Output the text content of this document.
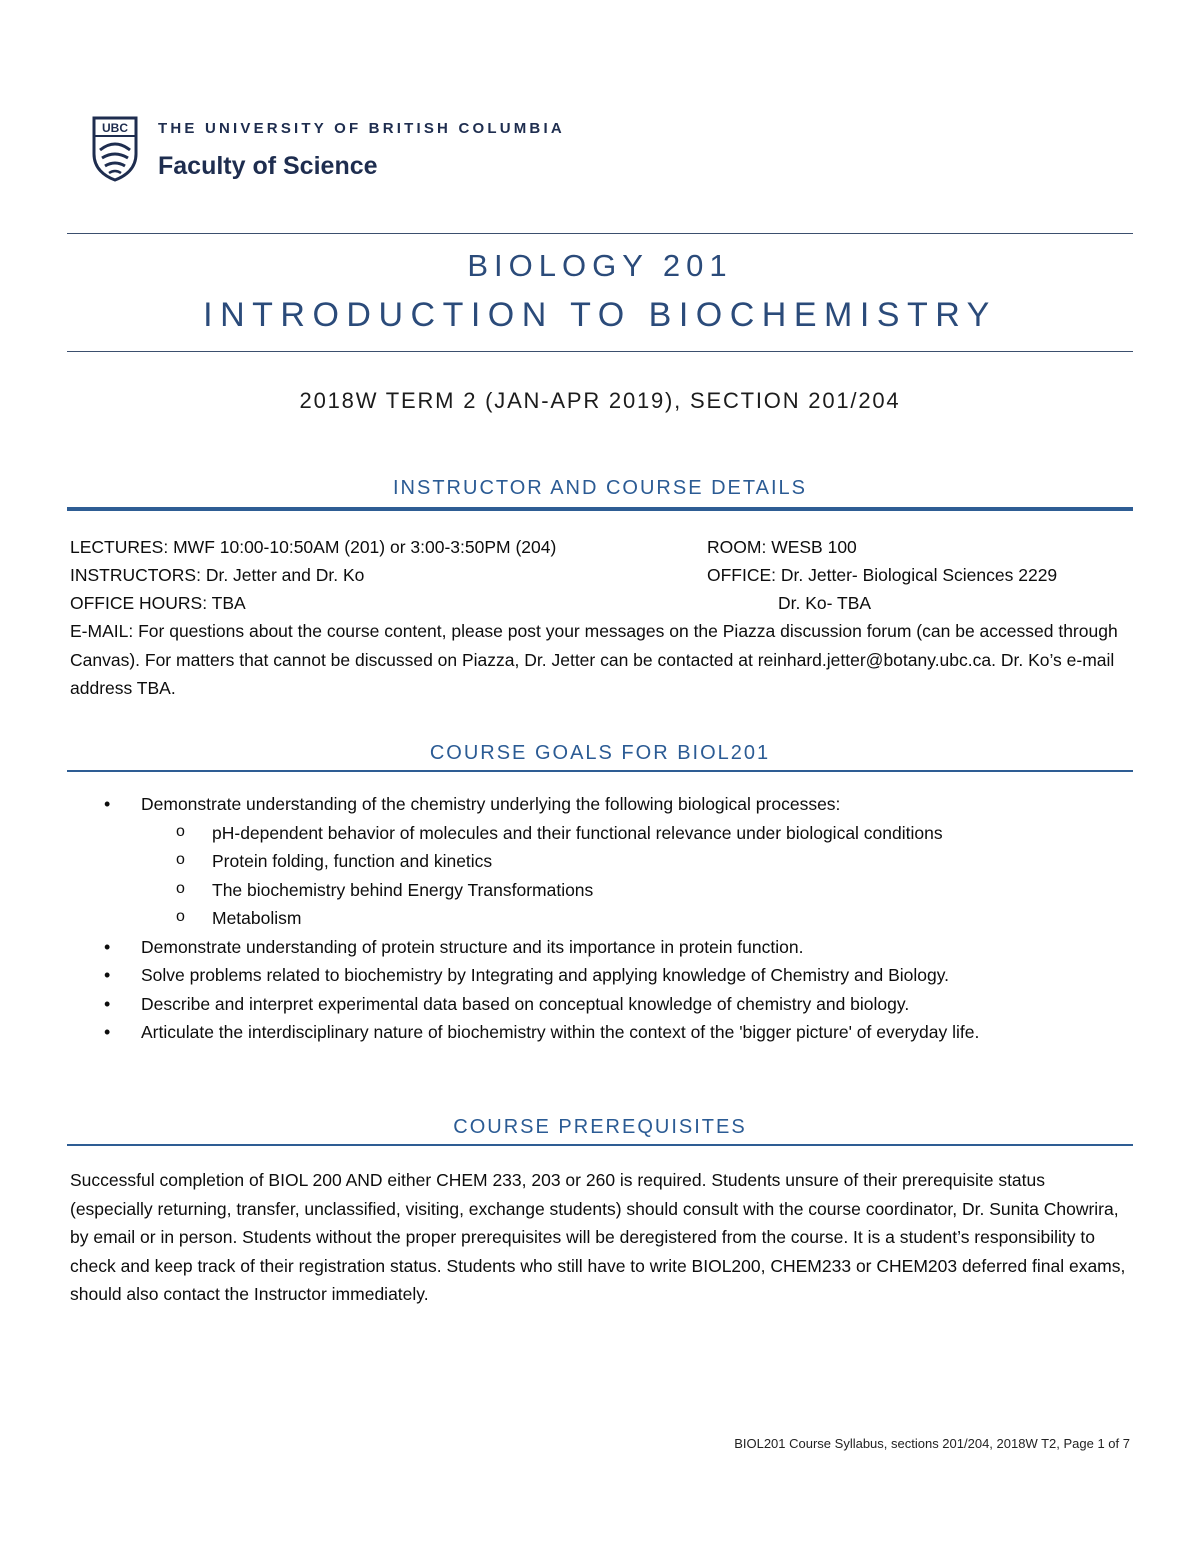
UBC THE UNIVERSITY OF BRITISH COLUMBIA
Faculty of Science
BIOLOGY 201
INTRODUCTION TO BIOCHEMISTRY
2018W TERM 2 (JAN-APR 2019), SECTION 201/204
INSTRUCTOR AND COURSE DETAILS
LECTURES: MWF 10:00-10:50AM (201) or 3:00-3:50PM (204)	ROOM: WESB 100
INSTRUCTORS: Dr. Jetter and Dr. Ko	OFFICE: Dr. Jetter- Biological Sciences 2229
OFFICE HOURS: TBA	Dr. Ko- TBA
E-MAIL: For questions about the course content, please post your messages on the Piazza discussion forum (can be accessed through Canvas). For matters that cannot be discussed on Piazza, Dr. Jetter can be contacted at reinhard.jetter@botany.ubc.ca. Dr. Ko’s e-mail address TBA.
COURSE GOALS FOR BIOL201
• Demonstrate understanding of the chemistry underlying the following biological processes:
o pH-dependent behavior of molecules and their functional relevance under biological conditions
o Protein folding, function and kinetics
o The biochemistry behind Energy Transformations
o Metabolism
• Demonstrate understanding of protein structure and its importance in protein function.
• Solve problems related to biochemistry by Integrating and applying knowledge of Chemistry and Biology.
• Describe and interpret experimental data based on conceptual knowledge of chemistry and biology.
• Articulate the interdisciplinary nature of biochemistry within the context of the 'bigger picture' of everyday life.
COURSE PREREQUISITES
Successful completion of BIOL 200 AND either CHEM 233, 203 or 260 is required. Students unsure of their prerequisite status (especially returning, transfer, unclassified, visiting, exchange students) should consult with the course coordinator, Dr. Sunita Chowrira, by email or in person. Students without the proper prerequisites will be deregistered from the course. It is a student’s responsibility to check and keep track of their registration status. Students who still have to write BIOL200, CHEM233 or CHEM203 deferred final exams, should also contact the Instructor immediately.
BIOL201 Course Syllabus, sections 201/204, 2018W T2, Page 1 of 7
